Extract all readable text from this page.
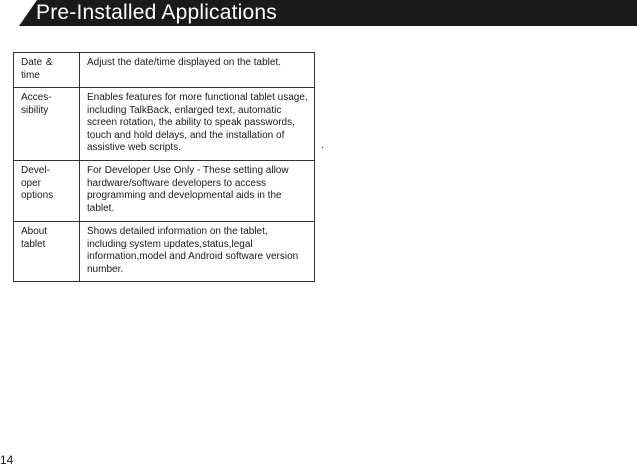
Pre-Installed Applications
Date & time	Adjust the date/time displayed on the tablet.
Acces-sibility	Enables features for more functional tablet usage, including TalkBack, enlarged text, automatic screen rotation, the ability to speak passwords, touch and hold delays, and the installation of assistive web scripts.
Devel- oper options	For Developer Use Only - These setting allow hardware/software developers to access programming and developmental aids in the tablet.
About tablet	Shows detailed information on the tablet, including system updates,status,legal information,model and Android software version number.
.
14
